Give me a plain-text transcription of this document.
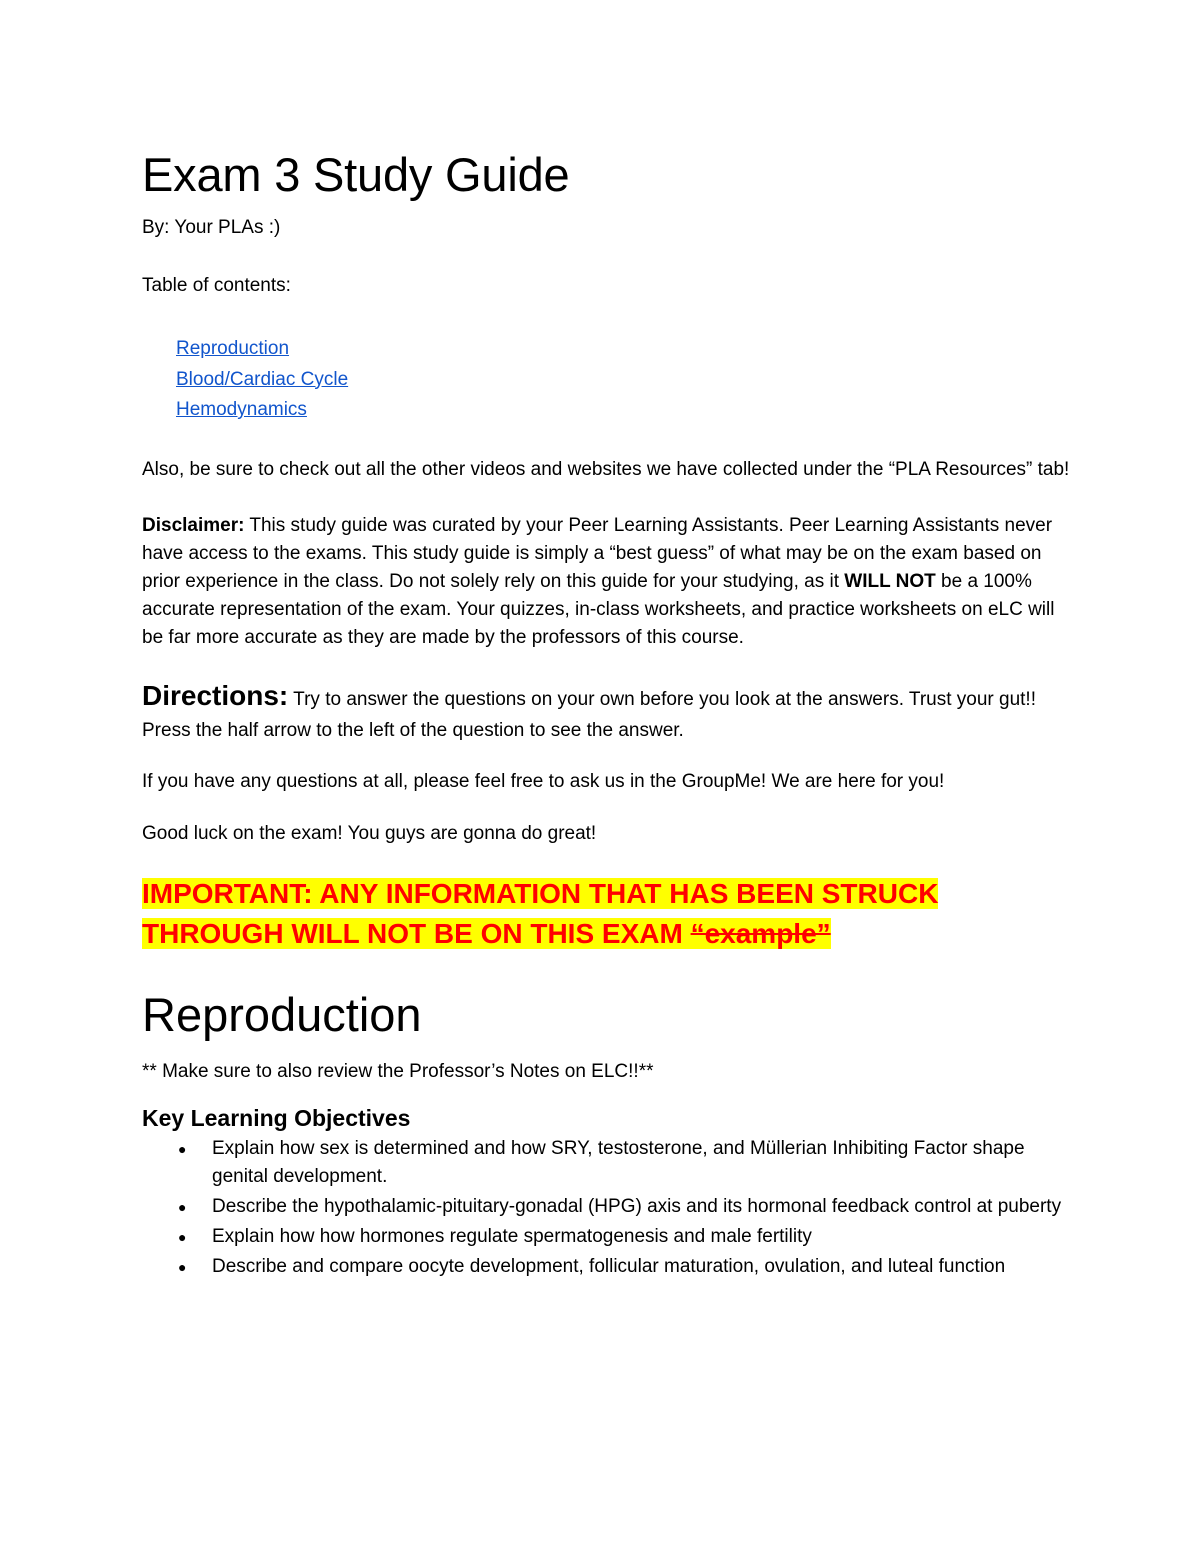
Exam 3 Study Guide

By: Your PLAs :)

Table of contents:

Reproduction
Blood/Cardiac Cycle
Hemodynamics

Also, be sure to check out all the other videos and websites we have collected under the “PLA Resources” tab!

Disclaimer: This study guide was curated by your Peer Learning Assistants. Peer Learning Assistants never have access to the exams. This study guide is simply a “best guess” of what may be on the exam based on prior experience in the class. Do not solely rely on this guide for your studying, as it WILL NOT be a 100% accurate representation of the exam. Your quizzes, in-class worksheets, and practice worksheets on eLC will be far more accurate as they are made by the professors of this course.

Directions: Try to answer the questions on your own before you look at the answers. Trust your gut!! Press the half arrow to the left of the question to see the answer.

If you have any questions at all, please feel free to ask us in the GroupMe! We are here for you!

Good luck on the exam! You guys are gonna do great!

IMPORTANT: ANY INFORMATION THAT HAS BEEN STRUCK THROUGH WILL NOT BE ON THIS EXAM “example”

Reproduction

** Make sure to also review the Professor’s Notes on ELC!!**

Key Learning Objectives
● Explain how sex is determined and how SRY, testosterone, and Müllerian Inhibiting Factor shape genital development.
● Describe the hypothalamic-pituitary-gonadal (HPG) axis and its hormonal feedback control at puberty
● Explain how how hormones regulate spermatogenesis and male fertility
● Describe and compare oocyte development, follicular maturation, ovulation, and luteal function
